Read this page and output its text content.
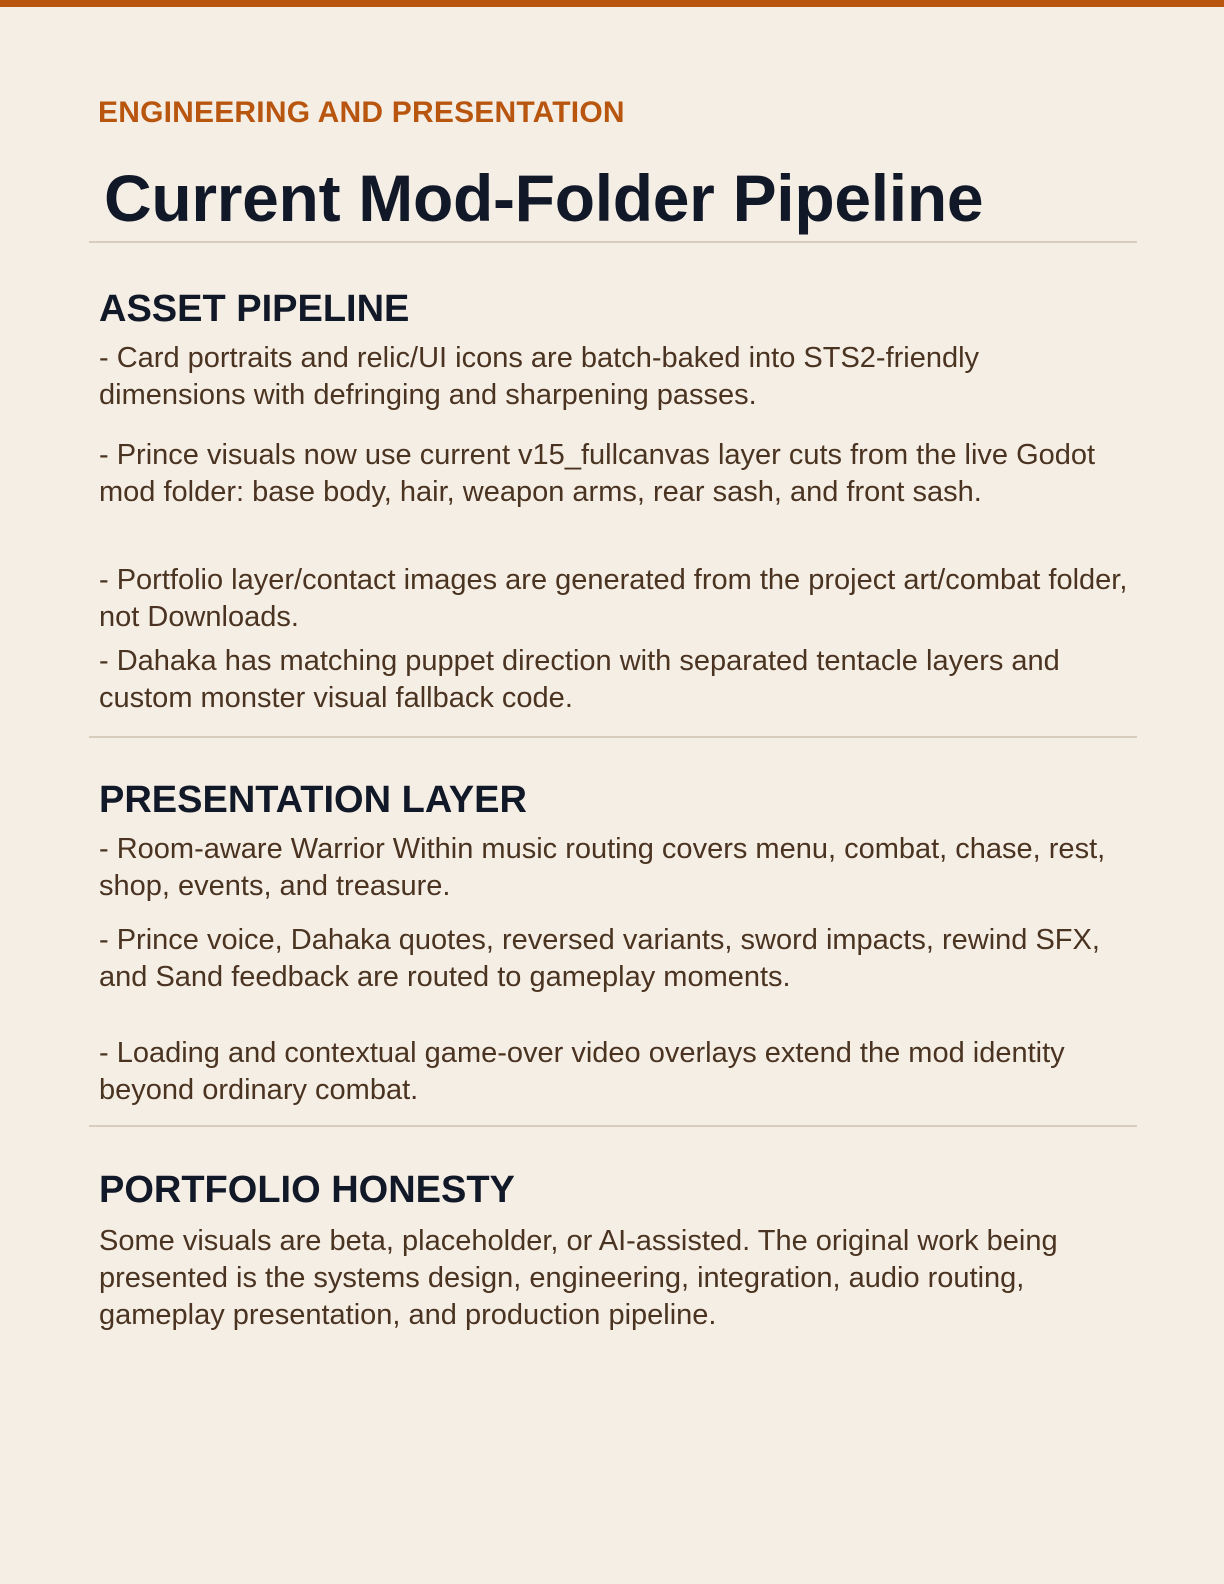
ENGINEERING AND PRESENTATION
Current Mod-Folder Pipeline
ASSET PIPELINE
- Card portraits and relic/UI icons are batch-baked into STS2-friendly dimensions with defringing and sharpening passes.
- Prince visuals now use current v15_fullcanvas layer cuts from the live Godot mod folder: base body, hair, weapon arms, rear sash, and front sash.
- Portfolio layer/contact images are generated from the project art/combat folder, not Downloads.
- Dahaka has matching puppet direction with separated tentacle layers and custom monster visual fallback code.
PRESENTATION LAYER
- Room-aware Warrior Within music routing covers menu, combat, chase, rest, shop, events, and treasure.
- Prince voice, Dahaka quotes, reversed variants, sword impacts, rewind SFX, and Sand feedback are routed to gameplay moments.
- Loading and contextual game-over video overlays extend the mod identity beyond ordinary combat.
PORTFOLIO HONESTY
Some visuals are beta, placeholder, or AI-assisted. The original work being presented is the systems design, engineering, integration, audio routing, gameplay presentation, and production pipeline.
